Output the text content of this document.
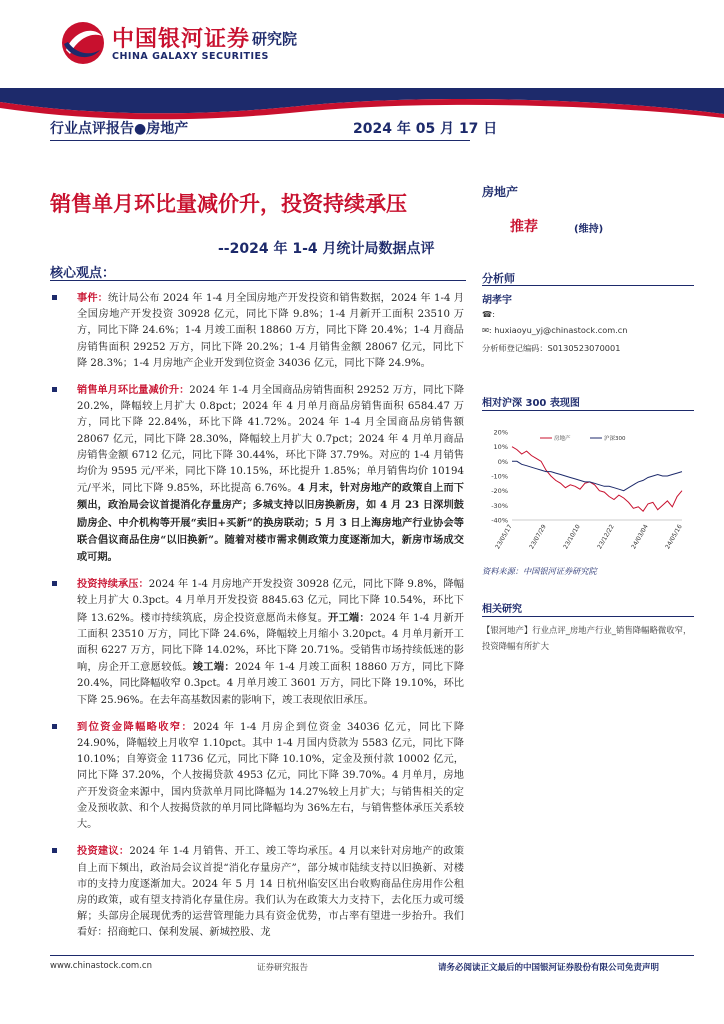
中国银河证券 研究院
CHINA GALAXY SECURITIES
行业点评报告●房地产	2024 年 05 月 17 日
销售单月环比量减价升，投资持续承压
--2024 年 1-4 月统计局数据点评
核心观点：
事件：统计局公布 2024 年 1-4 月全国房地产开发投资和销售数据，2024 年 1-4 月全国房地产开发投资 30928 亿元，同比下降 9.8%；1-4 月新开工面积 23510 万方，同比下降 24.6%；1-4 月竣工面积 18860 万方，同比下降 20.4%；1-4 月商品房销售面积 29252 万方，同比下降 20.2%；1-4 月销售金额 28067 亿元，同比下降 28.3%；1-4 月房地产企业开发到位资金 34036 亿元，同比下降 24.9%。
销售单月环比量减价升：2024 年 1-4 月全国商品房销售面积 29252 万方，同比下降 20.2%，降幅较上月扩大 0.8pct；2024 年 4 月单月商品房销售面积 6584.47 万方，同比下降 22.84%，环比下降 41.72%。2024 年 1-4 月全国商品房销售额 28067 亿元，同比下降 28.30%，降幅较上月扩大 0.7pct；2024 年 4 月单月商品房销售金额 6712 亿元，同比下降 30.44%，环比下降 37.79%。对应的 1-4 月销售均价为 9595 元/平米，同比下降 10.15%，环比提升 1.85%；单月销售均价 10194 元/平米，同比下降 9.85%，环比提高 6.76%。4 月末，针对房地产的政策自上而下频出，政治局会议首提消化存量房产；多城支持以旧房换新房，如 4 月 23 日深圳鼓励房企、中介机构等开展“卖旧+买新”的换房联动；5 月 3 日上海房地产行业协会等联合倡议商品住房“以旧换新”。随着对楼市需求侧政策力度逐渐加大，新房市场成交或可期。
投资持续承压：2024 年 1-4 月房地产开发投资 30928 亿元，同比下降 9.8%，降幅较上月扩大 0.3pct。4 月单月开发投资 8845.63 亿元，同比下降 10.54%，环比下降 13.62%。楼市持续筑底，房企投资意愿尚未修复。开工端：2024 年 1-4 月新开工面积 23510 万方，同比下降 24.6%，降幅较上月缩小 3.20pct。4 月单月新开工面积 6227 万方，同比下降 14.02%，环比下降 20.71%。受销售市场持续低迷的影响，房企开工意愿较低。竣工端：2024 年 1-4 月竣工面积 18860 万方，同比下降 20.4%，同比降幅收窄 0.3pct。4 月单月竣工 3601 万方，同比下降 19.10%，环比下降 25.96%。在去年高基数因素的影响下，竣工表现依旧承压。
到位资金降幅略收窄：2024 年 1-4 月房企到位资金 34036 亿元，同比下降 24.90%，降幅较上月收窄 1.10pct。其中 1-4 月国内贷款为 5583 亿元，同比下降 10.10%；自筹资金 11736 亿元，同比下降 10.10%，定金及预付款 10002 亿元，同比下降 37.20%，个人按揭贷款 4953 亿元，同比下降 39.70%。4 月单月，房地产开发资金来源中，国内贷款单月同比降幅为 14.27%较上月扩大；与销售相关的定金及预收款、和个人按揭贷款的单月同比降幅均为 36%左右，与销售整体承压关系较大。
投资建议：2024 年 1-4 月销售、开工、竣工等均承压。4 月以来针对房地产的政策自上而下频出，政治局会议首提“消化存量房产”，部分城市陆续支持以旧换新、对楼市的支持力度逐渐加大。2024 年 5 月 14 日杭州临安区出台收购商品住房用作公租房的政策，或有望支持消化存量住房。我们认为在政策大力支持下，去化压力或可缓解；头部房企展现优秀的运营管理能力具有资金优势，市占率有望进一步抬升。我们看好：招商蛇口、保利发展、新城控股、龙
房地产
推荐	(维持)
分析师
胡孝宇
☎:
✉: huxiaoyu_yj@chinastock.com.cn
分析师登记编码：S0130523070001
相对沪深 300 表现图
20%
10%
0%
-10%
-20%
-30%
-40%
23/05/17 23/07/29 23/10/10 23/12/22 24/03/04 24/05/16
房地产	沪深300
资料来源：中国银河证券研究院
相关研究
【银河地产】行业点评_房地产行业_销售降幅略微收窄，投资降幅有所扩大
www.chinastock.com.cn	证券研究报告	请务必阅读正文最后的中国银河证券股份有限公司免责声明
